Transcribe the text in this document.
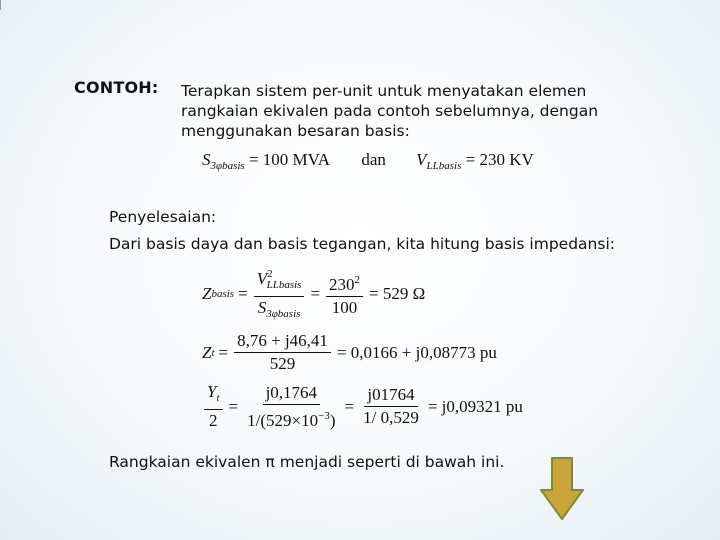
CONTOH: Terapkan sistem per-unit untuk menyatakan elemen
rangkaian ekivalen pada contoh sebelumnya, dengan
menggunakan besaran basis:
$S_{3\varphi basis} = 100$ MVA dan $V_{LLbasis} = 230$ KV
Penyelesaian:
Dari basis daya dan basis tegangan, kita hitung basis impedansi:
Z basis = $\frac{V^2_{LLbasis}}{S_{3\varphi basis}} = \frac{230^2}{100} = 529$ Ω
Z $t = \frac{8,76 + j46,41}{529} = 0,0166 + j0,08773$ pu
$\frac{Y_t}{2} = \frac{j0,1764}{1/(529\times 10^{-3})} = \frac{j01764}{1/ 0,529} = j0,09321$ pu
Rangkaian ekivalen π menjadi seperti di bawah ini.
